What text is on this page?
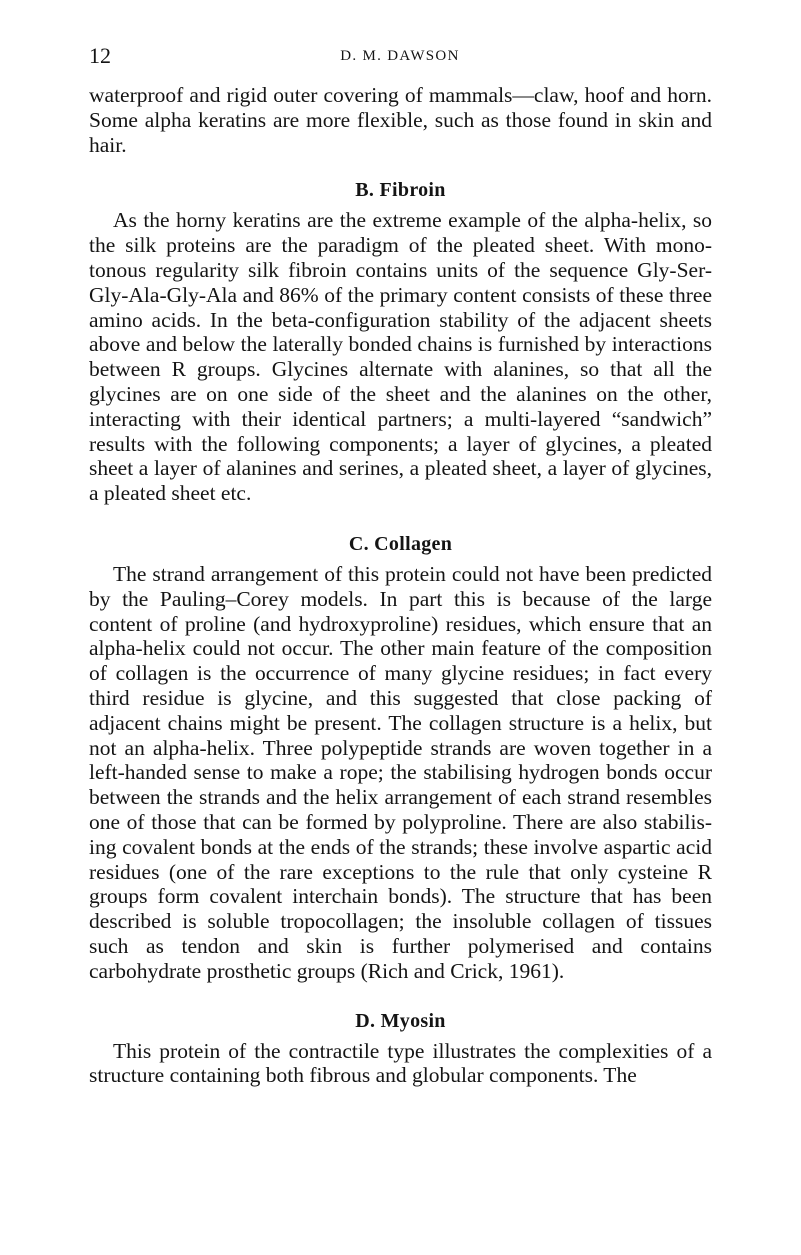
12	D. M. DAWSON

waterproof and rigid outer covering of mammals—claw, hoof and horn. Some alpha keratins are more flexible, such as those found in skin and hair.

B. Fibroin

As the horny keratins are the extreme example of the alpha-helix, so the silk proteins are the paradigm of the pleated sheet. With mono-tonous regularity silk fibroin contains units of the sequence Gly-Ser-Gly-Ala-Gly-Ala and 86% of the primary content consists of these three amino acids. In the beta-configuration stability of the adjacent sheets above and below the laterally bonded chains is furnished by interactions between R groups. Glycines alternate with alanines, so that all the glycines are on one side of the sheet and the alanines on the other, interacting with their identical partners; a multi-layered “sandwich” results with the following components; a layer of glycines, a pleated sheet a layer of alanines and serines, a pleated sheet, a layer of glycines, a pleated sheet etc.

C. Collagen

The strand arrangement of this protein could not have been predicted by the Pauling–Corey models. In part this is because of the large content of proline (and hydroxyproline) residues, which ensure that an alpha-helix could not occur. The other main feature of the composition of collagen is the occurrence of many glycine residues; in fact every third residue is glycine, and this suggested that close packing of adjacent chains might be present. The collagen structure is a helix, but not an alpha-helix. Three polypeptide strands are woven together in a left-handed sense to make a rope; the stabilising hydrogen bonds occur between the strands and the helix arrangement of each strand resembles one of those that can be formed by polyproline. There are also stabilis-ing covalent bonds at the ends of the strands; these involve aspartic acid residues (one of the rare exceptions to the rule that only cysteine R groups form covalent interchain bonds). The structure that has been described is soluble tropocollagen; the insoluble collagen of tissues such as tendon and skin is further polymerised and contains carbohydrate prosthetic groups (Rich and Crick, 1961).

D. Myosin

This protein of the contractile type illustrates the complexities of a structure containing both fibrous and globular components. The
